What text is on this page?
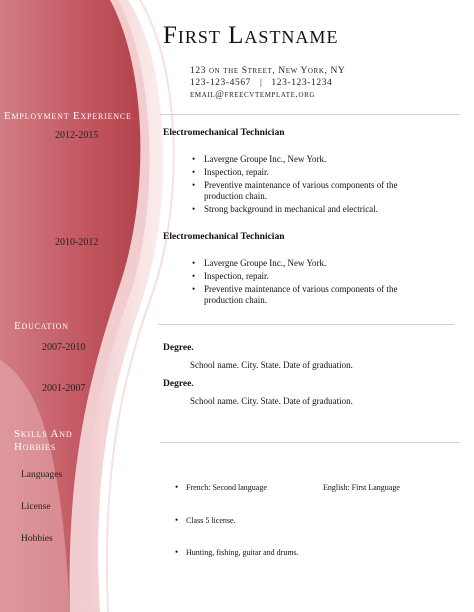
First Lastname
123 on the Street, New York, NY
123-123-4567   |   123-123-1234
email@freecvtemplate.org
Employment Experience
2012-2015
2010-2012
Education
2007-2010
2001-2007
Skills And
Hobbies
Languages
License
Hobbies
Electromechanical Technician
• Lavergne Groupe Inc., New York.
• Inspection, repair.
• Preventive maintenance of various components of the production chain.
• Strong background in mechanical and electrical.
Electromechanical Technician
• Lavergne Groupe Inc., New York.
• Inspection, repair.
• Preventive maintenance of various components of the production chain.
Degree.
School name. City. State. Date of graduation.
Degree.
School name. City. State. Date of graduation.
• French: Second language	English: First Language
• Class 5 license.
• Hunting, fishing, guitar and drums.
